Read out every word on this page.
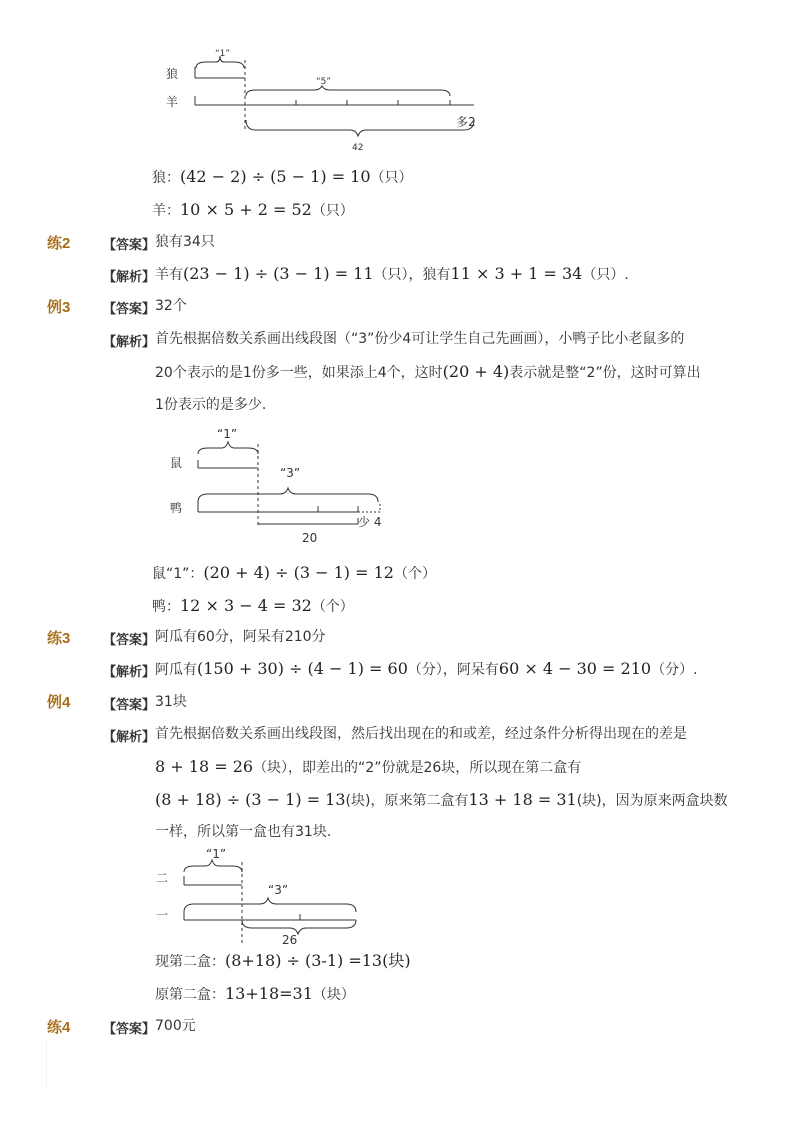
“1”
狼
“5”
羊
多2
42
狼：(42 − 2) ÷ (5 − 1) = 10（只）
羊：10 × 5 + 2 = 52（只）
练2	【答案】 狼有34只
【解析】 羊有(23 − 1) ÷ (3 − 1) = 11（只），狼有11 × 3 + 1 = 34（只）.
例3	【答案】 32个
【解析】 首先根据倍数关系画出线段图（“3”份少4可让学生自己先画画），小鸭子比小老鼠多的
20个表示的是1份多一些，如果添上4个，这时(20 + 4)表示就是整“2”份，这时可算出
1份表示的是多少.
“1”
鼠
“3”
鸭
少 4
20
鼠“1”：(20 + 4) ÷ (3 − 1) = 12（个）
鸭：12 × 3 − 4 = 32（个）
练3	【答案】 阿瓜有60分，阿呆有210分
【解析】 阿瓜有(150 + 30) ÷ (4 − 1) = 60（分），阿呆有60 × 4 − 30 = 210（分）.
例4	【答案】 31块
【解析】 首先根据倍数关系画出线段图，然后找出现在的和或差，经过条件分析得出现在的差是
8 + 18 = 26（块），即差出的“2”份就是26块，所以现在第二盒有
(8 + 18) ÷ (3 − 1) = 13(块)，原来第二盒有13 + 18 = 31(块)，因为原来两盒块数
一样，所以第一盒也有31块.
“1”
二
“3”
一
26
现第二盒：(8+18) ÷ (3-1) =13(块)
原第二盒：13+18=31（块）
练4	【答案】 700元
